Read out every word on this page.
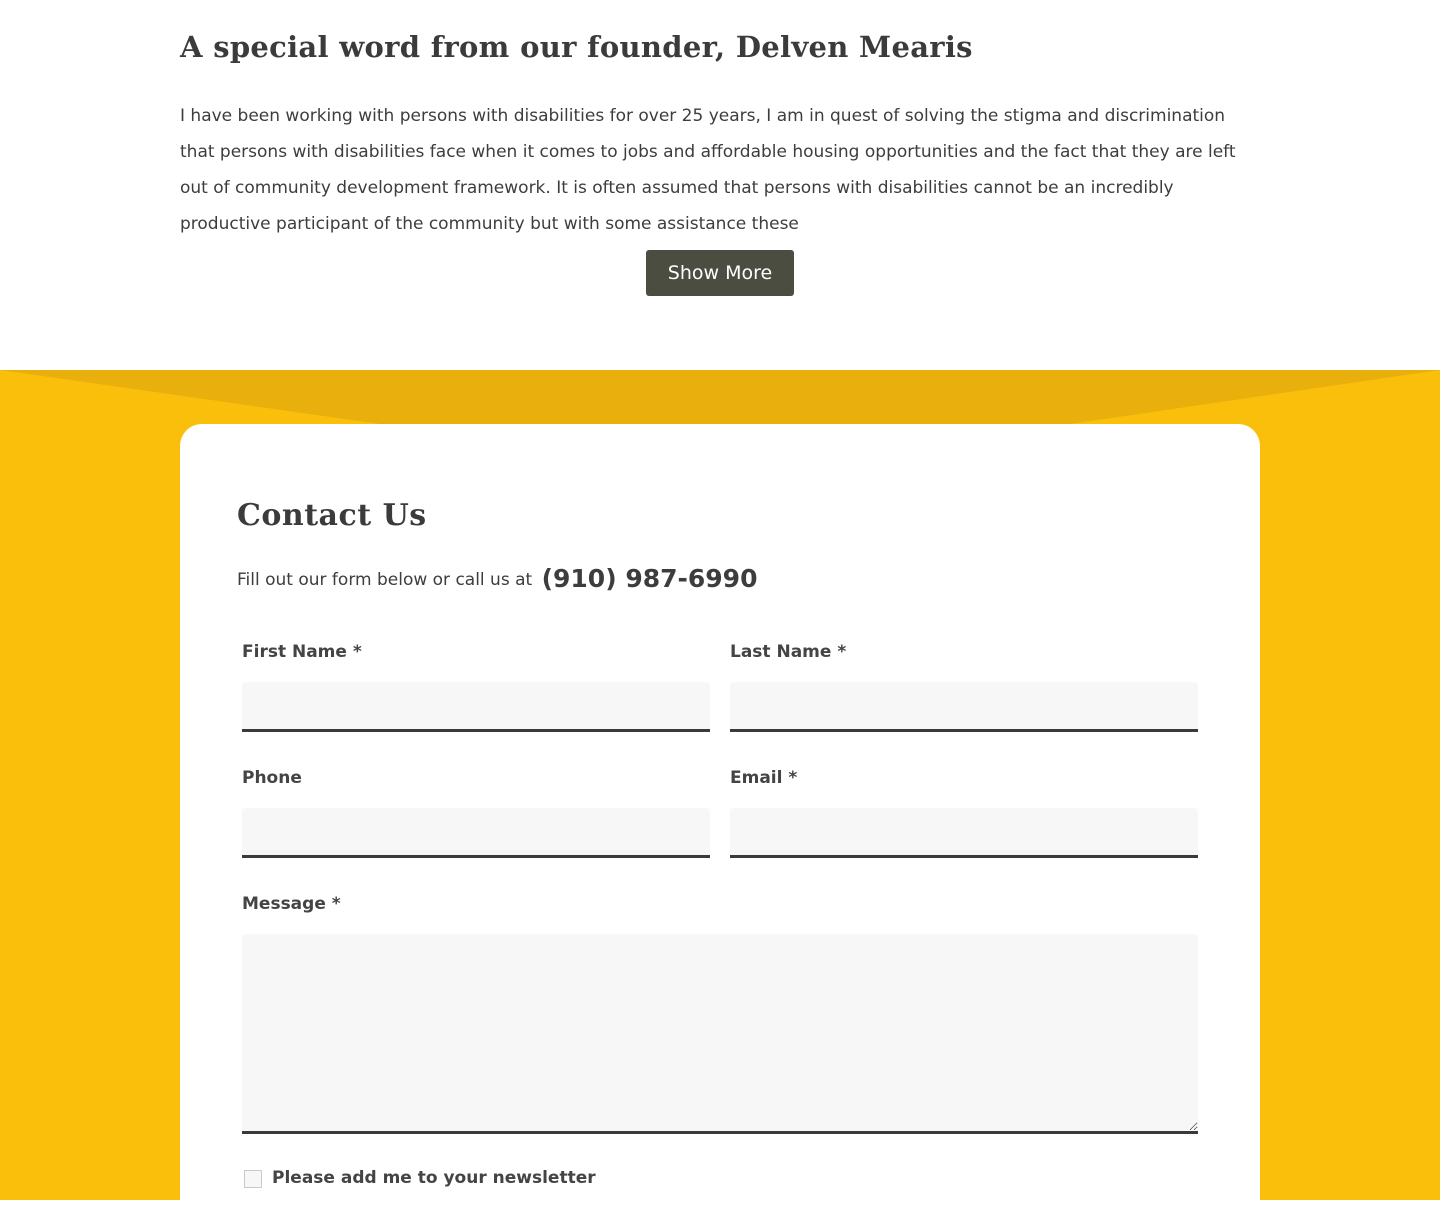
A special word from our founder, Delven Mearis

I have been working with persons with disabilities for over 25 years, I am in quest of solving the stigma and discrimination that persons with disabilities face when it comes to jobs and affordable housing opportunities and the fact that they are left out of community development framework. It is often assumed that persons with disabilities cannot be an incredibly productive participant of the community but with some assistance these

Show More
Contact Us
Fill out our form below or call us at (910) 987-6990
First Name *	Last Name *
Phone	Email *
Message *
Please add me to your newsletter
